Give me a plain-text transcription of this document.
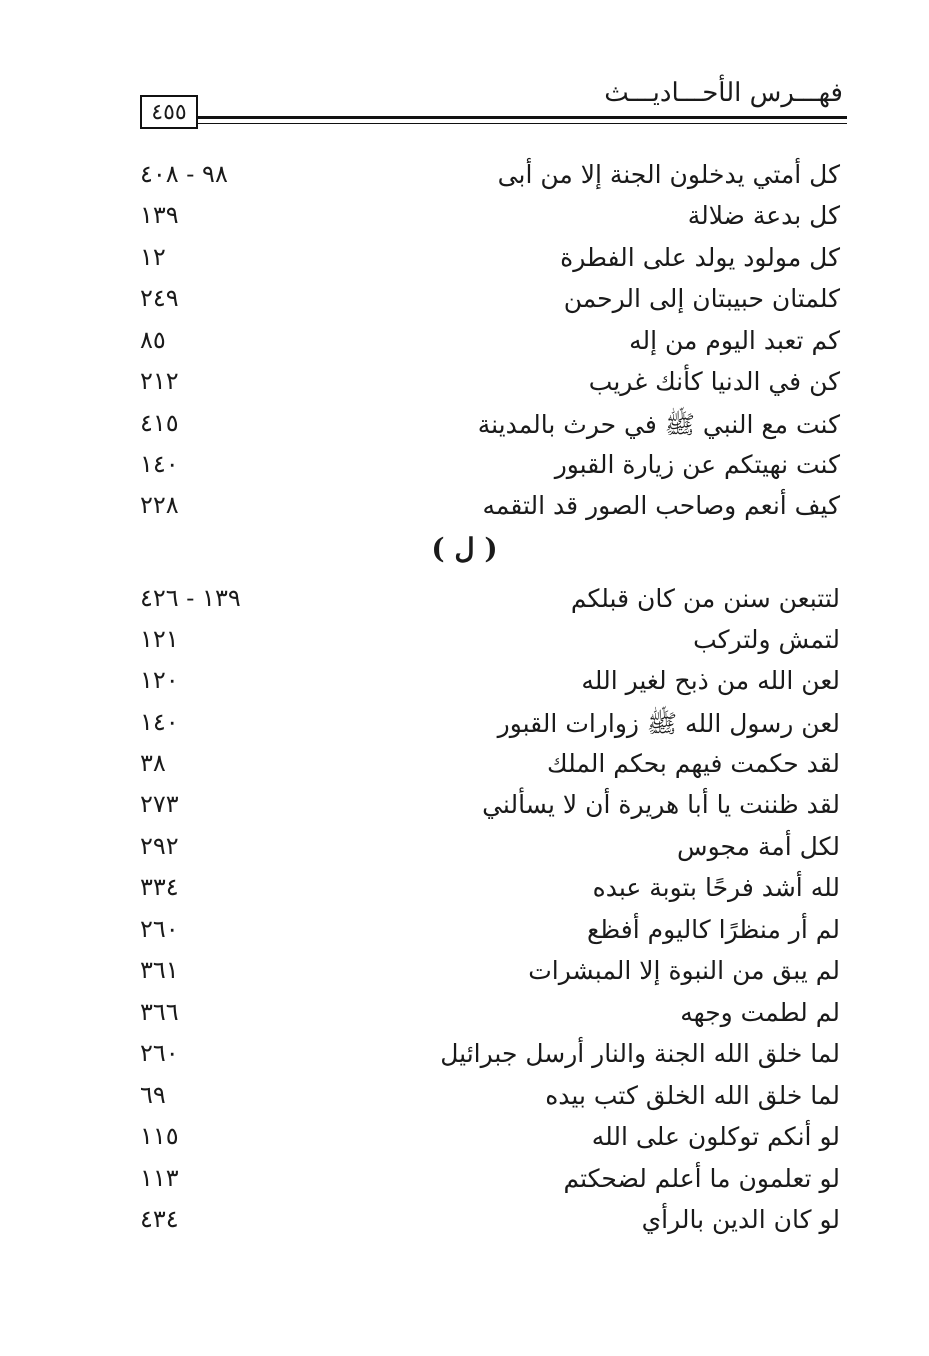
فهـــرس الأحـــاديـــث
٤٥٥
كل أمتي يدخلون الجنة إلا من أبى
٩٨ - ٤٠٨
كل بدعة ضلالة
١٣٩
كل مولود يولد على الفطرة
١٢
كلمتان حبيبتان إلى الرحمن
٢٤٩
كم تعبد اليوم من إله
٨٥
كن في الدنيا كأنك غريب
٢١٢
كنت مع النبي ﷺ في حرث بالمدينة
٤١٥
كنت نهيتكم عن زيارة القبور
١٤٠
كيف أنعم وصاحب الصور قد التقمه
٢٢٨
( ل )
لتتبعن سنن من كان قبلكم
١٣٩ - ٤٢٦
لتمش ولتركب
١٢١
لعن الله من ذبح لغير الله
١٢٠
لعن رسول الله ﷺ زوارات القبور
١٤٠
لقد حكمت فيهم بحكم الملك
٣٨
لقد ظننت يا أبا هريرة أن لا يسألني
٢٧٣
لكل أمة مجوس
٢٩٢
لله أشد فرحًا بتوبة عبده
٣٣٤
لم أر منظرًا كاليوم أفظع
٢٦٠
لم يبق من النبوة إلا المبشرات
٣٦١
لم لطمت وجهه
٣٦٦
لما خلق الله الجنة والنار أرسل جبرائيل
٢٦٠
لما خلق الله الخلق كتب بيده
٦٩
لو أنكم توكلون على الله
١١٥
لو تعلمون ما أعلم لضحكتم
١١٣
لو كان الدين بالرأي
٤٣٤
